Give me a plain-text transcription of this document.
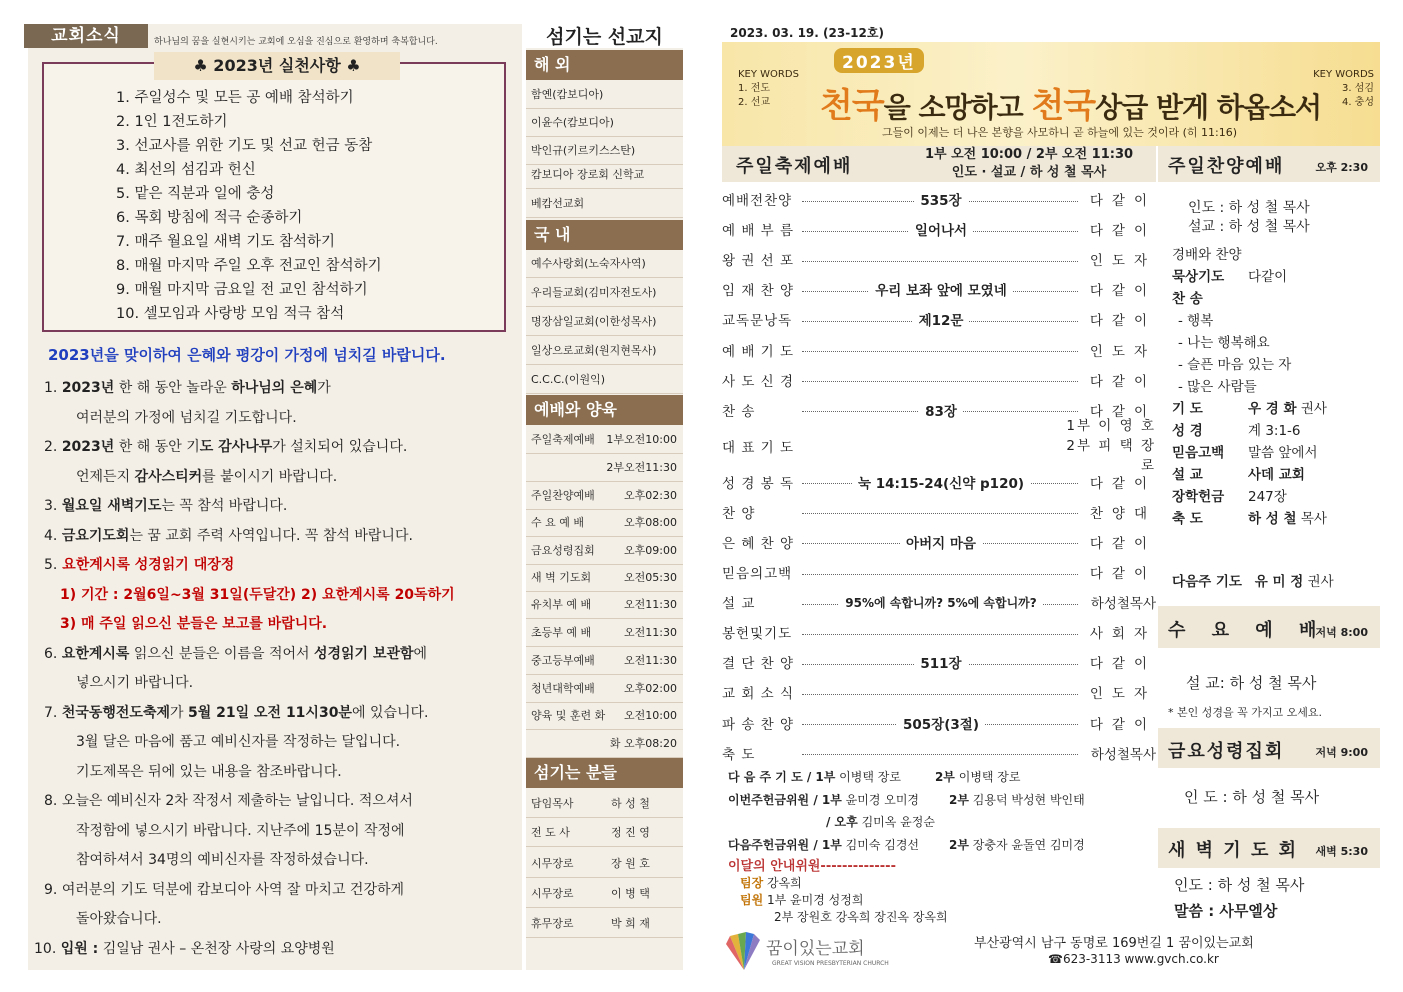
교회소식	하나님의 꿈을 실현시키는 교회에 오심을 진심으로 환영하며 축복합니다.
♣ 2023년 실천사항 ♣
1. 주일성수 및 모든 공 예배 참석하기
2. 1인 1전도하기
3. 선교사를 위한 기도 및 선교 헌금 동참
4. 최선의 섬김과 헌신
5. 맡은 직분과 일에 충성
6. 목회 방침에 적극 순종하기
7. 매주 월요일 새벽 기도 참석하기
8. 매월 마지막 주일 오후 전교인 참석하기
9. 매월 마지막 금요일 전 교인 참석하기
10. 셀모임과 사랑방 모임 적극 참석
2023년을 맞이하여 은혜와 평강이 가정에 넘치길 바랍니다.
1. 2023년 한 해 동안 놀라운 하나님의 은혜가
여러분의 가정에 넘치길 기도합니다.
2. 2023년 한 해 동안 기도 감사나무가 설치되어 있습니다.
언제든지 감사스티커를 붙이시기 바랍니다.
3. 월요일 새벽기도는 꼭 참석 바랍니다.
4. 금요기도회는 꿈 교회 주력 사역입니다. 꼭 참석 바랍니다.
5. 요한계시록 성경읽기 대장정
1) 기간 : 2월6일~3월 31일(두달간) 2) 요한계시록 20독하기
3) 매 주일 읽으신 분들은 보고를 바랍니다.
6. 요한계시록 읽으신 분들은 이름을 적어서 성경읽기 보관함에
넣으시기 바랍니다.
7. 천국동행전도축제가 5월 21일 오전 11시30분에 있습니다.
3월 달은 마음에 품고 예비신자를 작정하는 달입니다.
기도제목은 뒤에 있는 내용을 참조바랍니다.
8. 오늘은 예비신자 2차 작정서 제출하는 날입니다. 적으셔서
작정함에 넣으시기 바랍니다. 지난주에 15분이 작정에
참여하셔서 34명의 예비신자를 작정하셨습니다.
9. 여러분의 기도 덕분에 캄보디아 사역 잘 마치고 건강하게
돌아왔습니다.
10. 입원 : 김일남 권사 – 온천장 사랑의 요양병원
섬기는 선교지
해 외
함옌(캄보디아)
이윤수(캄보디아)
박인규(키르키스스탄)
캄보디아 장로회 신학교
베캄선교회
국 내
예수사랑회(노숙자사역)
우리들교회(김미자전도사)
명장삼일교회(이한성목사)
일상으로교회(원지현목사)
C.C.C.(이원익)
예배와 양육
주일축제예배 1부오전10:00
2부오전11:30
주일찬양예배	오후02:30
수 요 예 배	오후08:00
금요성령집회	오후09:00
새 벽 기도회	오전05:30
유치부 예 배	오전11:30
초등부 예 배	오전11:30
중고등부예배	오전11:30
청년대학예배	오후02:00
양육 및 훈련 화 오전10:00
화 오후08:20
섬기는 분들
담임목사	하 성 철
전 도 사	정 진 영
시무장로	장 원 호
시무장로	이 병 택
휴무장로	박 희 재
2023. 03. 19. (23-12호)
KEY WORDS
1. 전도
2. 선교
2023년
천국을 소망하고 천국상급 받게 하옵소서
그들이 이제는 더 나은 본향을 사모하니 곧 하늘에 있는 것이라 (히 11:16)
KEY WORDS
3. 섬김
4. 충성
주일축제예배
1부 오전 10:00 / 2부 오전 11:30
인도 · 설교 / 하 성 철 목사
예배전찬양	535장	다같이
예 배 부 름	일어나서	다같이
왕 권 선 포	인도자
임 재 찬 양	우리 보좌 앞에 모였네	다같이
교독문낭독	제12문	다같이
예 배 기 도	인도자
사 도 신 경	다같이
찬 송	83장	다같이
대 표 기 도
1부 이 영 호
2부 피 택 장 로
성 경 봉 독	눅 14:15-24(신약 p120)	다같이
찬 양	찬양대
은 혜 찬 양	아버지 마음	다같이
믿음의고백	다같이
설 교	95%에 속합니까? 5%에 속합니까?	하성철목사
봉헌및기도	사회자
결 단 찬 양	511장	다같이
교 회 소 식	인도자
파 송 찬 양	505장(3절)	다같이
축 도	하성철목사
다 음 주 기 도 / 1부 이병택 장로	2부 이병택 장로
이번주헌금위원 / 1부 윤미경 오미경	2부 김용덕 박성현 박인태
/ 오후 김미옥 윤정순
다음주헌금위원 / 1부 김미숙 김경선	2부 장충자 윤돌연 김미경
이달의 안내위원--------------
팀장 강옥희
팀원 1부 윤미경 성정희
2부 장원호 강옥희 장진옥 장옥희
꿈이있는교회
GREAT VISION PRESBYTERIAN CHURCH
부산광역시 남구 동명로 169번길 1 꿈이있는교회
☎623-3113 www.gvch.co.kr
주일찬양예배	오후 2:30
인도 : 하 성 철 목사
설교 : 하 성 철 목사
경배와 찬양
묵상기도 다같이
찬 송
- 행복
- 나는 행복해요
- 슬픈 마음 있는 자
- 많은 사람들
기 도	우 경 화 권사
성 경	계 3:1-6
믿음고백 말씀 앞에서
설 교	사데 교회
장학헌금 247장
축 도	하 성 철 목사
다음주 기도 유 미 정 권사
수 요 예 배
저녁 8:00
설 교: 하 성 철 목사
* 본인 성경을 꼭 가지고 오세요.
금요성령집회	저녁 9:00
인 도 : 하 성 철 목사
새 벽 기 도 회 새벽 5:30
인도 : 하 성 철 목사
말씀 : 사무엘상
